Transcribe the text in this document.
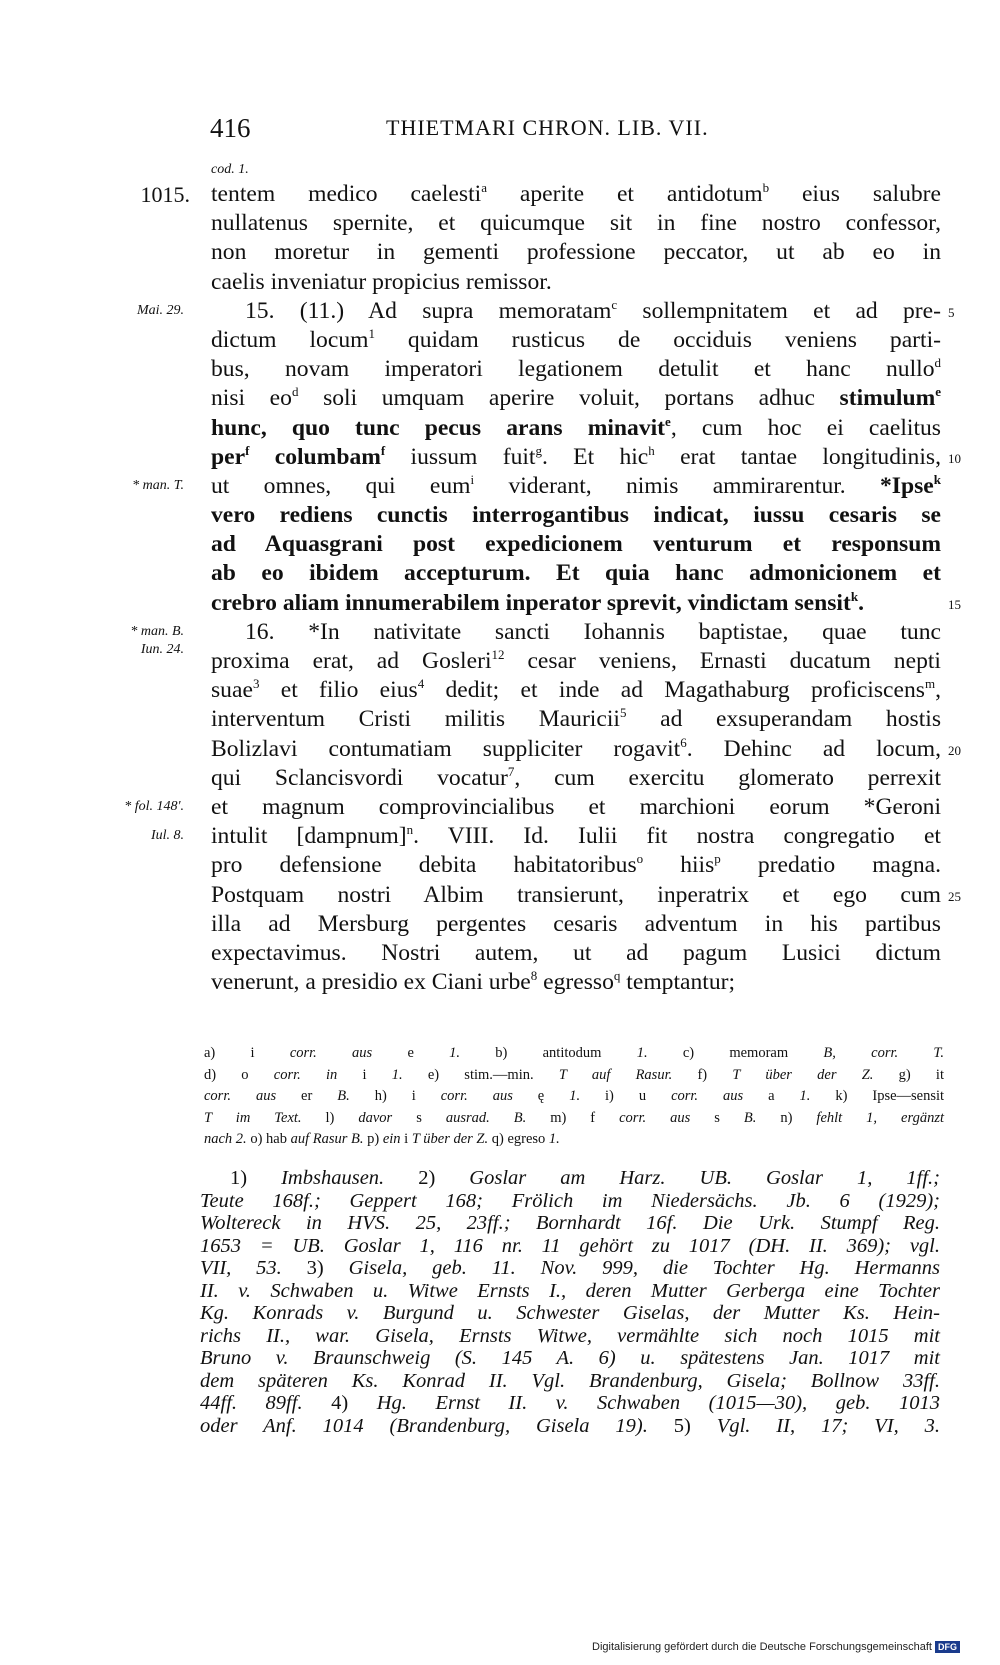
416	THIETMARI CHRON. LIB. VII.
cod. 1.
tentem medico caelesti$^a$ aperite et antidotum$^b$ eius salubre
nullatenus spernite, et quicumque sit in fine nostro confessor,
non moretur in gementi professione peccator, ut ab eo in
caelis inveniatur propicius remissor.
15. (11.) Ad supra memoratam$^c$ sollempnitatem et ad pre-
dictum locum$^1$ quidam rusticus de occiduis veniens parti-
bus, novam imperatori legationem detulit et hanc nullo$^d$
nisi $eo^d$ soli umquam aperire voluit, portans adhuc stimulum$^e$
hunc, quo tunc pecus arans minavit$^e$, cum hoc ei caelitus
per$^f$ columbam$^f$ iussum fuit$^g$. Et hic$^h$ erat tantae longitudinis,
ut omnes, qui eum$^i$ viderant, nimis ammirarentur. *Ipse$^k$
vero rediens cunctis interrogantibus indicat, iussu cesaris se
ad Aquasgrani post expedicionem venturum et responsum
ab eo ibidem accepturum. Et quia hanc admonicionem et
crebro aliam innumerabilem inperator sprevit, vindictam sensit$^k$.
16. *In nativitate sancti Iohannis baptistae, quae tunc
proxima erat, ad Gosleri$^{12}$ cesar veniens, Ernasti ducatum nepti
suae$^3$ et filio eius$^4$ dedit; et inde ad Magathaburg proficiscens$^m$,
interventum Cristi militis Mauricii$^5$ ad exsuperandam hostis
Bolizlavi contumatiam suppliciter rogavit$^6$. Dehinc ad locum,
qui Sclancisvordi vocatur$^7$, cum exercitu glomerato perrexit
et magnum comprovincialibus et marchioni eorum *Geroni
intulit [dampnum]$^n$. VIII. Id. Iulii fit nostra congregatio et
pro defensione debita habitatoribus$^o$ hiis$^p$ predatio magna.
Postquam nostri Albim transierunt, inperatrix et ego cum
illa ad Mersburg pergentes cesaris adventum in his partibus
expectavimus. Nostri autem, ut ad pagum Lusici dictum
venerunt, a presidio ex Ciani urbe$^8$ egresso$^q$ temptantur;
1015.
Mai. 29.
* man. T.
* man. B.
Iun. 24.
* fol. 148'.
Iul. 8.
5
10
15
20
25
a) i corr. aus e 1. b) antitodum 1. c) memoram B, corr. T.
d) o corr. in i 1. e) stim.—min. T auf Rasur. f) T über der Z. g) it
corr. aus er B. h) i corr. aus ę 1. i) u corr. aus a 1. k) Ipse—sensit
T im Text. l) davor s ausrad. B. m) f corr. aus s B. n) fehlt 1, ergänzt
nach 2. o) hab auf Rasur B. p) ein i T über der Z. q) egreso 1.
1) Imbshausen. 2) Goslar am Harz. UB. Goslar 1, 1ff.;
Teute 168f.; Geppert 168; Frölich im Niedersächs. Jb. 6 (1929);
Woltereck in HVS. 25, 23ff.; Bornhardt 16f. Die Urk. Stumpf Reg.
1653 = UB. Goslar 1, 116 nr. 11 gehört zu 1017 (DH. II. 369); vgl.
VII, 53. 3) Gisela, geb. 11. Nov. 999, die Tochter Hg. Hermanns
II. v. Schwaben u. Witwe Ernsts I., deren Mutter Gerberga eine Tochter
Kg. Konrads v. Burgund u. Schwester Giselas, der Mutter Ks. Hein-
richs II., war. Gisela, Ernsts Witwe, vermählte sich noch 1015 mit
Bruno v. Braunschweig (S. 145 A. 6) u. spätestens Jan. 1017 mit
dem späteren Ks. Konrad II. Vgl. Brandenburg, Gisela; Bollnow 33ff.
44ff. 89ff. 4) Hg. Ernst II. v. Schwaben (1015—30), geb. 1013
oder Anf. 1014 (Brandenburg, Gisela 19). 5) Vgl. II, 17; VI, 3.
Digitalisierung gefördert durch die Deutsche Forschungsgemeinschaft DFG
